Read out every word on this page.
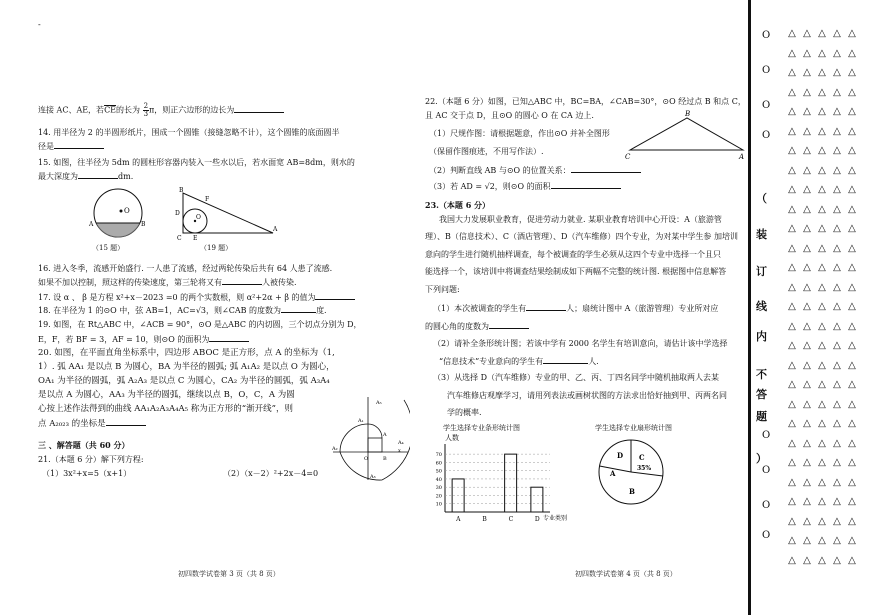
-
连接 AC、AE，若$\overline{CE}$的长为 $\frac{2}{3}$ π，则正六边形的边长为
14. 用半径为 2 的半圆形纸片，围成一个圆锥（接缝忽略不计），这个圆锥的底面圆半
径是
15. 如图，往半径为 5dm 的圆柱形容器内装入一些水以后，若水面宽 AB=8dm，则水的
最大深度为	dm.
O
A	B
（15 题）
B
D
F
O
C E
A
（19 题）
16. 进入冬季，流感开始盛行. 一人患了流感，经过两轮传染后共有 64 人患了流感.
如果不加以控制，照这样的传染速度，第三轮将又有	人被传染.
17. 设 α 、 β 是方程 x²+x－2023 =0 的两个实数根，则 α²+2α + β 的值为
18. 在半径为 1 的⊙O 中，弦 AB=1，AC=√3，则∠CAB 的度数为	度.
19. 如图，在 Rt△ABC 中，∠ACB = 90°，⊙O 是△ABC 的内切圆，三个切点分别为 D，
E，F，若 BF = 3，AF = 10，则⊙O 的面积为
20. 如图，在平面直角坐标系中，四边形 ABOC 是正方形，点 A 的坐标为（1,
1）. 弧 AA₁ 是以点 B 为圆心，BA 为半径的圆弧; 弧 A₁A₂ 是以点 O 为圆心，
OA₁ 为半径的圆弧，弧 A₂A₃ 是以点 C 为圆心，CA₂ 为半径的圆弧，弧 A₃A₄
是以点 A 为圆心，AA₃ 为半径的圆弧，继续以点 B，O，C，A 为圆
心按上述作法得到的曲线 AA₁A₂A₃A₄A₅ 称为正方形的“渐开线”，则
点 A₂₀₂₃ 的坐标是
A₅
A
A₁
A₂
O	B
A₃
x
A₄
三 、解答题（共 60 分）
21.（本题 6 分）解下列方程:
（1）3x²+x=5（x+1）	（2）（x－2）²+2x－4=0
初四数学试卷第 3 页（共 8 页）
22.（本题 6 分）如图，已知△ABC 中，BC=BA，∠CAB=30°，⊙O 经过点 B 和点 C，
且 AC 交于点 D，且⊙O 的圆心 O 在 CA 边上.
（1）尺规作图：请根据题意，作出⊙O 并补全图形
（保留作图痕迹，不用写作法）.
（2）判断直线 AB 与⊙O 的位置关系：
（3）若 AD = √2，则⊙O 的面积
B
C	A
23.（本题 6 分）
我国大力发展职业教育，促进劳动力就业. 某职业教育培训中心开设：A（旅游管
理）、B（信息技术）、C（酒店管理）、D（汽车维修）四个专业，为对某中学生参 加培训
意向的学生进行随机抽样调查，每个被调查的学生必须从这四个专业中选择一个且只
能选择一个，该培训中将调查结果绘制成如下两幅不完整的统计图. 根据图中信息解答
下列问题:
（1）本次被调查的学生有	人；扇统计图中 A（旅游管理）专业所对应
的圆心角的度数为
（2）请补全条形统计图；若该中学有 2000 名学生有培训意向，请估计该中学选择
“信息技术”专业意向的学生有	人.
（3）从选择 D（汽车维修）专业的甲、乙、丙、丁四名同学中随机抽取两人去某
汽车维修店观摩学习，请用列表法或画树状图的方法求出恰好抽到甲、丙两名同
学的概率.
学生选择专业条形统计图	学生选择专业扇形统计图
人数
专业类别
10
20
30
40
50
60
70
A	B	C	D
A
B
C
35%
D
初四数学试卷第 4 页（共 8 页）
（
装
订
线
内
不
答
题
）
△
△
△
△
△
△
△
△
△
△
△
△
△
△
△
△
△
△
△
△
△
△
△
△
△
△
△
△
△
△
△
△
△
△
△
△
△
△
△
△
△
△
△
△
△
△
△
△
△
△
△
△
△
△
△
△
△
△
△
△
△
△
△
△
△
△
△
△
△
△
△
△
△
△
△
△
△
△
△
△
△
△
△
△
△
△
△
△
△
△
△
△
△
△
△
△
△
△
△
△
△
△
△
△
△
△
△
△
△
△
△
△
△
△
△
△
△
△
△
△
△
△
△
△
△
△
△
△
△
△
△
△
△
△
△
△
△
△
△
△
O
O
O
O
O
O
O
O
